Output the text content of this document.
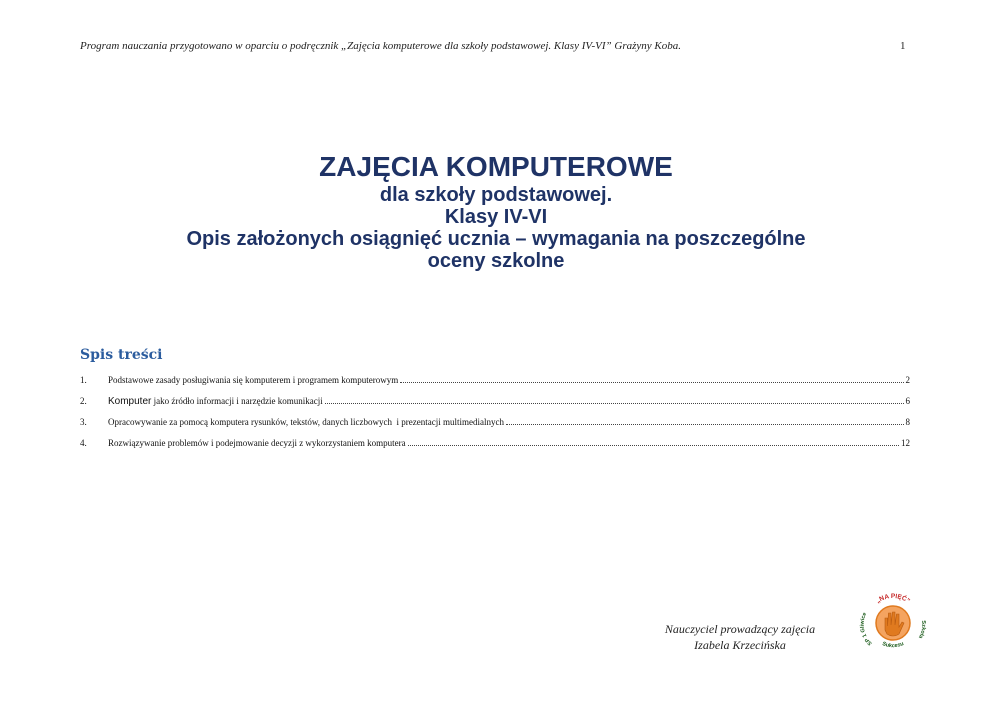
Program nauczania przygotowano w oparciu o podręcznik „Zajęcia komputerowe dla szkoły podstawowej. Klasy IV-VI” Grażyny Koba.	1

ZAJĘCIA KOMPUTEROWE

dla szkoły podstawowej.

Klasy IV-VI

Opis założonych osiągnięć ucznia – wymagania na poszczególne

oceny szkolne

Spis treści
1.	Podstawowe zasady posługiwania się komputerem i programem komputerowym	2
2.	Komputer jako źródło informacji i narzędzie komunikacji	6
3.	Opracowywanie za pomocą komputera rysunków, tekstów, danych liczbowych  i prezentacji multimedialnych	8
4.	Rozwiązywanie problemów i podejmowanie decyzji z wykorzystaniem komputera	12
Nauczyciel prowadzący zajęcia
Izabela Krzecińska
„NA PIĘĆ”
SP 1 Gliwice
Szkoła
Sukcesu
